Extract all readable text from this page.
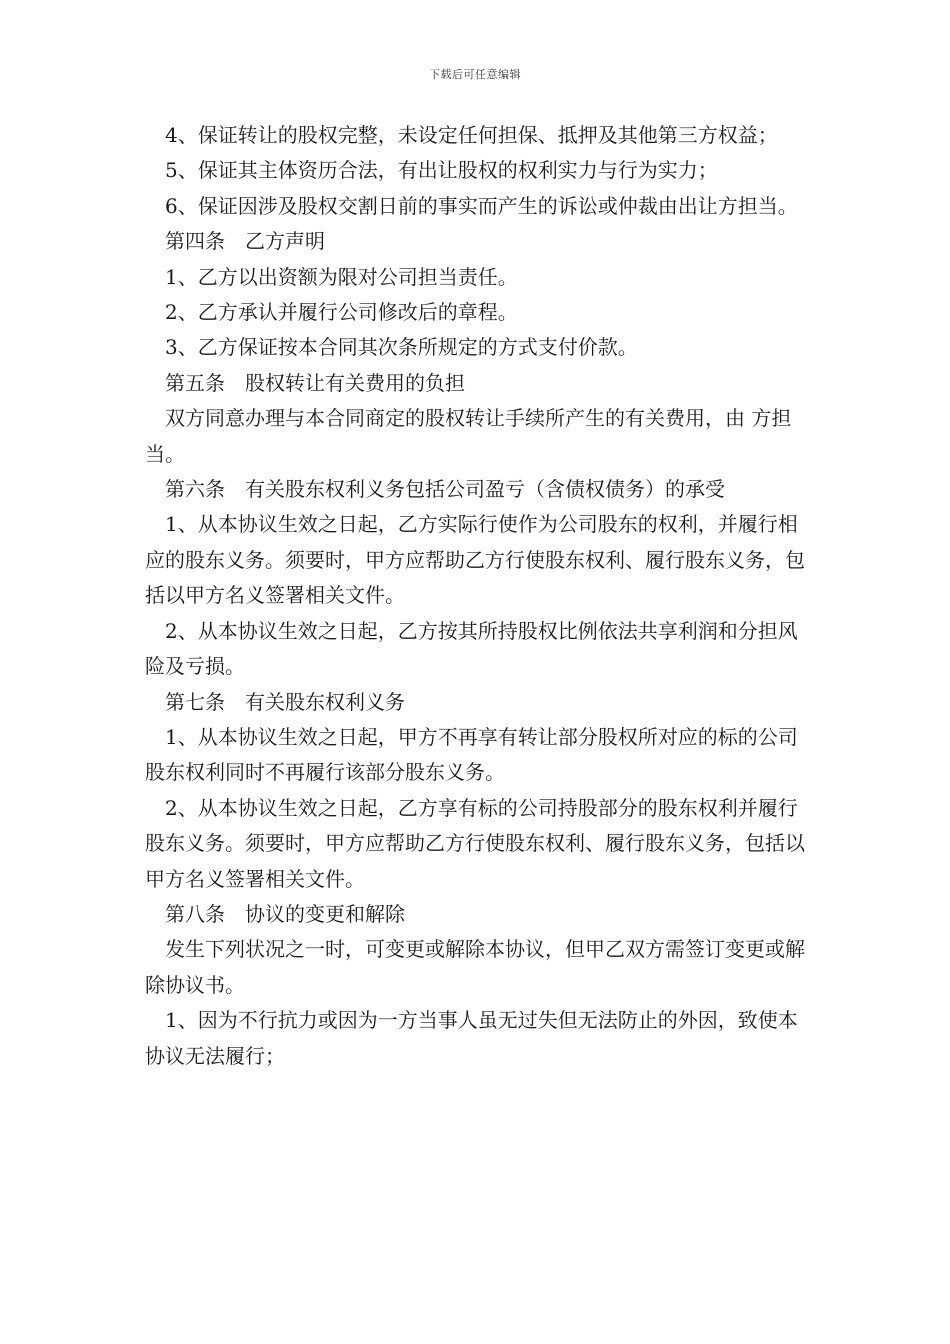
下载后可任意编辑

4、保证转让的股权完整，未设定任何担保、抵押及其他第三方权益；

5、保证其主体资历合法，有出让股权的权利实力与行为实力；

6、保证因涉及股权交割日前的事实而产生的诉讼或仲裁由出让方担当。

第四条　乙方声明

1、乙方以出资额为限对公司担当责任。

2、乙方承认并履行公司修改后的章程。

3、乙方保证按本合同其次条所规定的方式支付价款。

第五条　股权转让有关费用的负担

双方同意办理与本合同商定的股权转让手续所产生的有关费用，由 方担当。

第六条　有关股东权利义务包括公司盈亏（含债权债务）的承受

1、从本协议生效之日起，乙方实际行使作为公司股东的权利，并履行相应的股东义务。须要时，甲方应帮助乙方行使股东权利、履行股东义务，包括以甲方名义签署相关文件。

2、从本协议生效之日起，乙方按其所持股权比例依法共享利润和分担风险及亏损。

第七条　有关股东权利义务

1、从本协议生效之日起，甲方不再享有转让部分股权所对应的标的公司股东权利同时不再履行该部分股东义务。

2、从本协议生效之日起，乙方享有标的公司持股部分的股东权利并履行股东义务。须要时，甲方应帮助乙方行使股东权利、履行股东义务，包括以甲方名义签署相关文件。

第八条　协议的变更和解除

发生下列状况之一时，可变更或解除本协议，但甲乙双方需签订变更或解除协议书。

1、因为不行抗力或因为一方当事人虽无过失但无法防止的外因，致使本协议无法履行；
